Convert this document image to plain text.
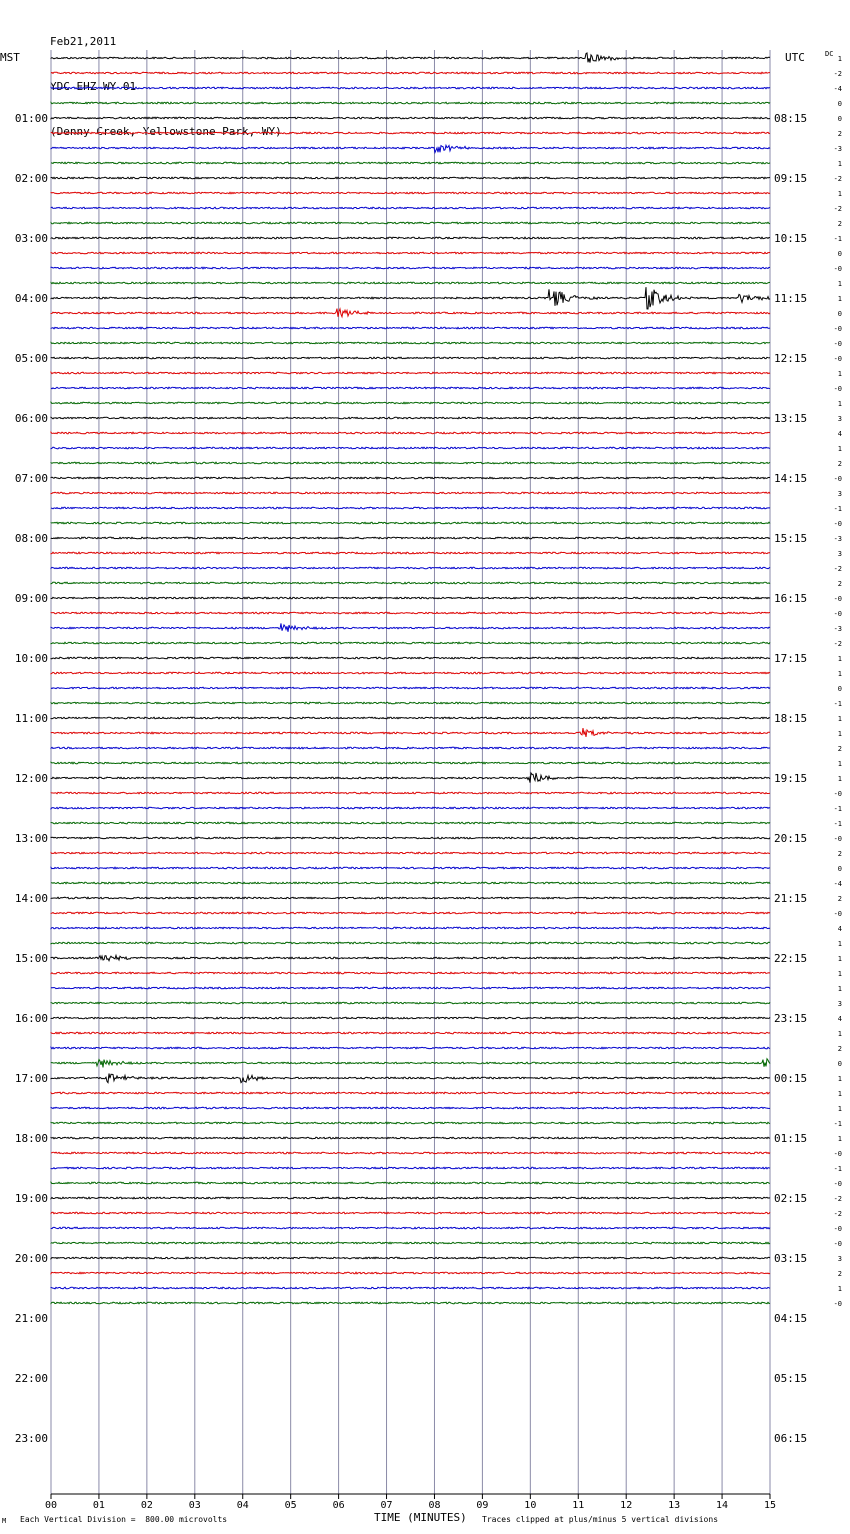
Feb21,2011

YDC EHZ WY 01

(Denny Creek, Yellowstone Park, WY)

00	01	02	03	04	05	06	07	08	09	10	11	12	13	14	15
1
-2
-4
0
0
2
-3
1
-2
1
-2
2
-1
0
-0
1
1
0
-0
-0
-0
1
-0
1
3
4
1
2
-0
3
-1
-0
-3
3
-2
2
-0
-0
-3
-2
1
1
0
-1
1
1
2
1
1
-0
-1
-1
-0
2
0
-4
2
-0
4
1
1
1
1
3
4
1
2
0
1
1
1
-1
1
-0
-1
-0
-2
-2
-0
-0
3
2
1
-0
01:00
02:00
03:00
04:00
05:00
06:00
07:00
08:00
09:00
10:00
11:00
12:00
13:00
14:00
15:00
16:00
17:00
18:00
19:00
20:00
21:00
22:00
23:00
08:15
09:15
10:15
11:15
12:15
13:15
14:15
15:15
16:15
17:15
18:15
19:15
20:15
21:15
22:15
23:15
00:15
01:15
02:15
03:15
04:15
05:15
06:15
MST	UTC	DC
Each Vertical Division =  800.00 microvolts	TIME (MINUTES) Traces clipped at plus/minus 5 vertical divisions
M
